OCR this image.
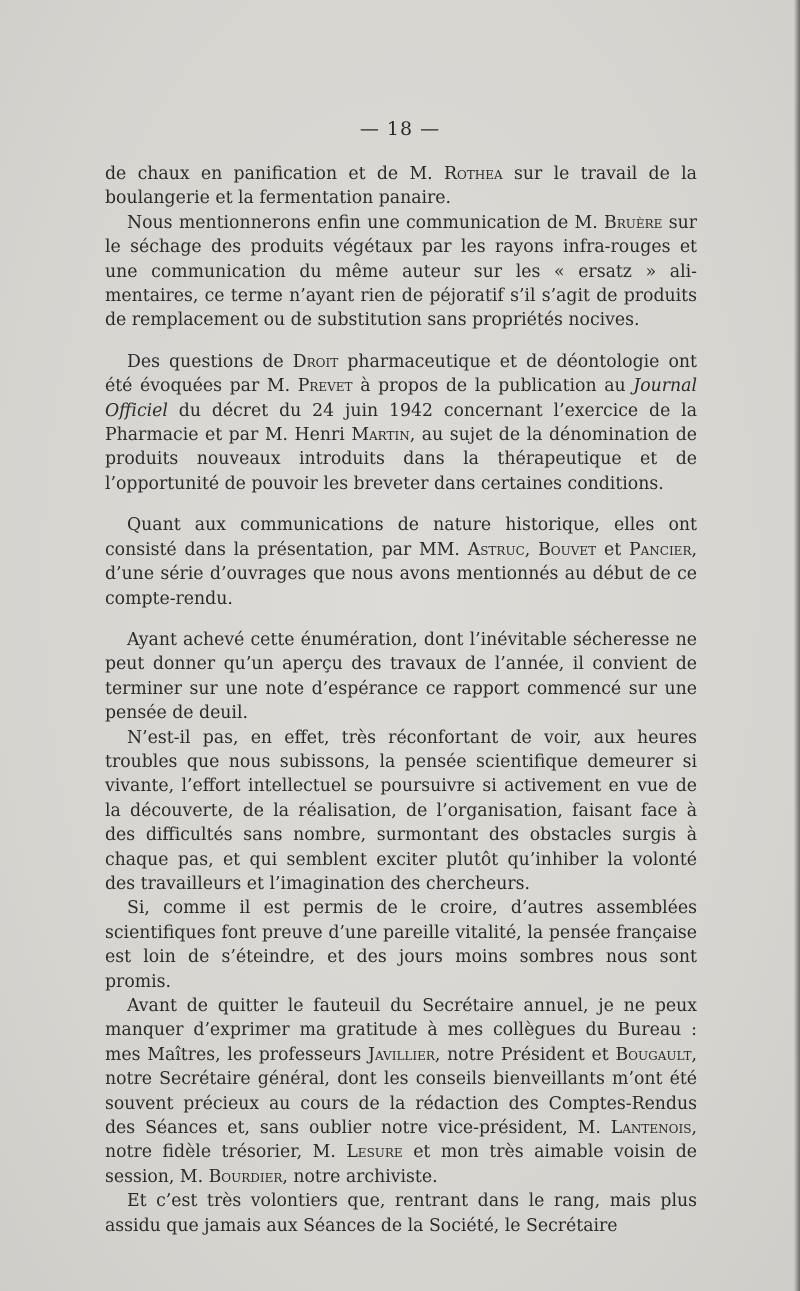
— 18 —

de chaux en panification et de M. Rothea sur le travail de la boulangerie et la fermentation panaire.

Nous mentionnerons enfin une communication de M. Bruère sur le séchage des produits végétaux par les rayons infra-rouges et une communication du même auteur sur les « ersatz » alimentaires, ce terme n’ayant rien de péjoratif s’il s’agit de produits de remplacement ou de substitution sans propriétés nocives.

Des questions de Droit pharmaceutique et de déontologie ont été évoquées par M. Prevet à propos de la publication au Journal Officiel du décret du 24 juin 1942 concernant l’exercice de la Pharmacie et par M. Henri Martin, au sujet de la dénomination de produits nouveaux introduits dans la thérapeutique et de l’opportunité de pouvoir les breveter dans certaines conditions.

Quant aux communications de nature historique, elles ont consisté dans la présentation, par MM. Astruc, Bouvet et Pancier, d’une série d’ouvrages que nous avons mentionnés au début de ce compte-rendu.

Ayant achevé cette énumération, dont l’inévitable sécheresse ne peut donner qu’un aperçu des travaux de l’année, il convient de terminer sur une note d’espérance ce rapport commencé sur une pensée de deuil.

N’est-il pas, en effet, très réconfortant de voir, aux heures troubles que nous subissons, la pensée scientifique demeurer si vivante, l’effort intellectuel se poursuivre si activement en vue de la découverte, de la réalisation, de l’organisation, faisant face à des difficultés sans nombre, surmontant des obstacles surgis à chaque pas, et qui semblent exciter plutôt qu’inhiber la volonté des travailleurs et l’imagination des chercheurs.

Si, comme il est permis de le croire, d’autres assemblées scientifiques font preuve d’une pareille vitalité, la pensée française est loin de s’éteindre, et des jours moins sombres nous sont promis.

Avant de quitter le fauteuil du Secrétaire annuel, je ne peux manquer d’exprimer ma gratitude à mes collègues du Bureau : mes Maîtres, les professeurs Javillier, notre Président et Bougault, notre Secrétaire général, dont les conseils bienveillants m’ont été souvent précieux au cours de la rédaction des Comptes-Rendus des Séances et, sans oublier notre vice-président, M. Lantenois, notre fidèle trésorier, M. Lesure et mon très aimable voisin de session, M. Bourdier, notre archiviste.

Et c’est très volontiers que, rentrant dans le rang, mais plus assidu que jamais aux Séances de la Société, le Secrétaire
